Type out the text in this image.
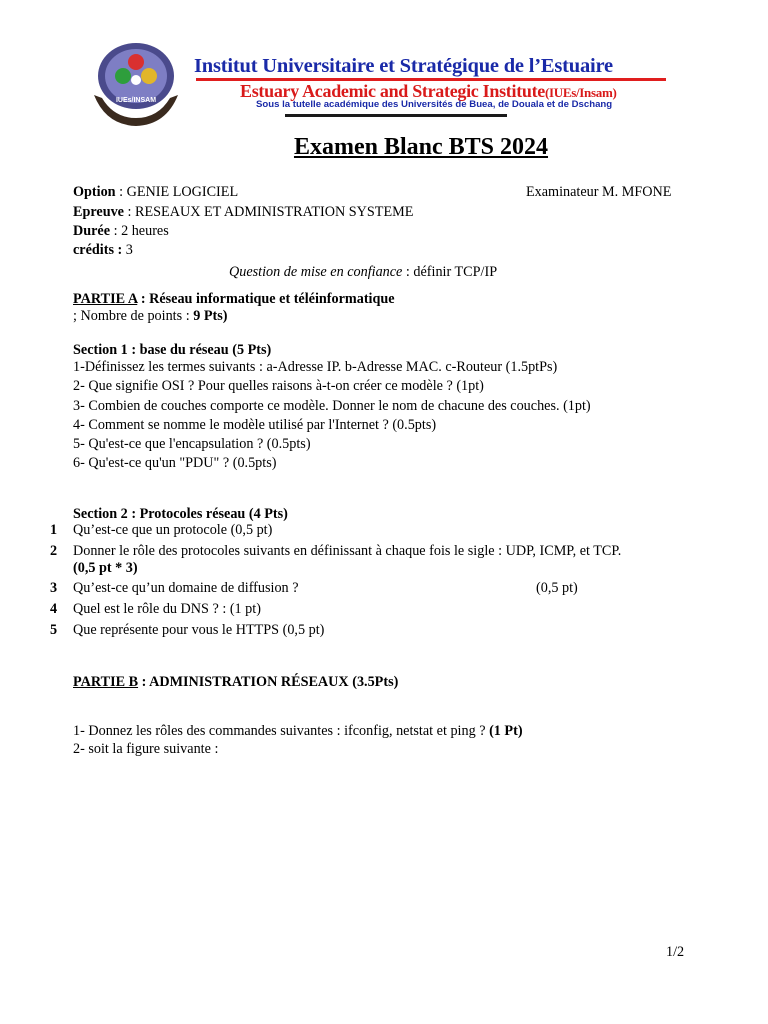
IUEs/INSAM
Institut Universitaire et Stratégique de l’Estuaire
Estuary Academic and Strategic Institute(IUEs/Insam)
Sous la tutelle académique des Universités de Buea, de Douala et de Dschang
Examen Blanc BTS 2024
Option : GENIE LOGICIEL	Examinateur M. MFONE
Epreuve : RESEAUX ET ADMINISTRATION SYSTEME
Durée : 2 heures
crédits : 3
Question de mise en confiance : définir TCP/IP
PARTIE A : Réseau informatique et téléinformatique
; Nombre de points : 9 Pts)
Section 1 : base du réseau (5 Pts)
1-Définissez les termes suivants : a-Adresse IP. b-Adresse MAC. c-Routeur (1.5ptPs)
2- Que signifie OSI ? Pour quelles raisons à-t-on créer ce modèle ? (1pt)
3- Combien de couches comporte ce modèle. Donner le nom de chacune des couches. (1pt)
4- Comment se nomme le modèle utilisé par l'Internet ? (0.5pts)
5- Qu'est-ce que l'encapsulation ? (0.5pts)
6- Qu'est-ce qu'un "PDU" ? (0.5pts)
Section 2 : Protocoles réseau (4 Pts)
1 Qu’est-ce que un protocole (0,5 pt)
2 Donner le rôle des protocoles suivants en définissant à chaque fois le sigle : UDP, ICMP, et TCP.
(0,5 pt * 3)
3 Qu’est-ce qu’un domaine de diffusion ?	(0,5 pt)
4 Quel est le rôle du DNS ? : (1 pt)
5 Que représente pour vous le HTTPS (0,5 pt)
PARTIE B : ADMINISTRATION RÉSEAUX (3.5Pts)
1- Donnez les rôles des commandes suivantes : ifconfig, netstat et ping ? (1 Pt)
2- soit la figure suivante :
1/2
